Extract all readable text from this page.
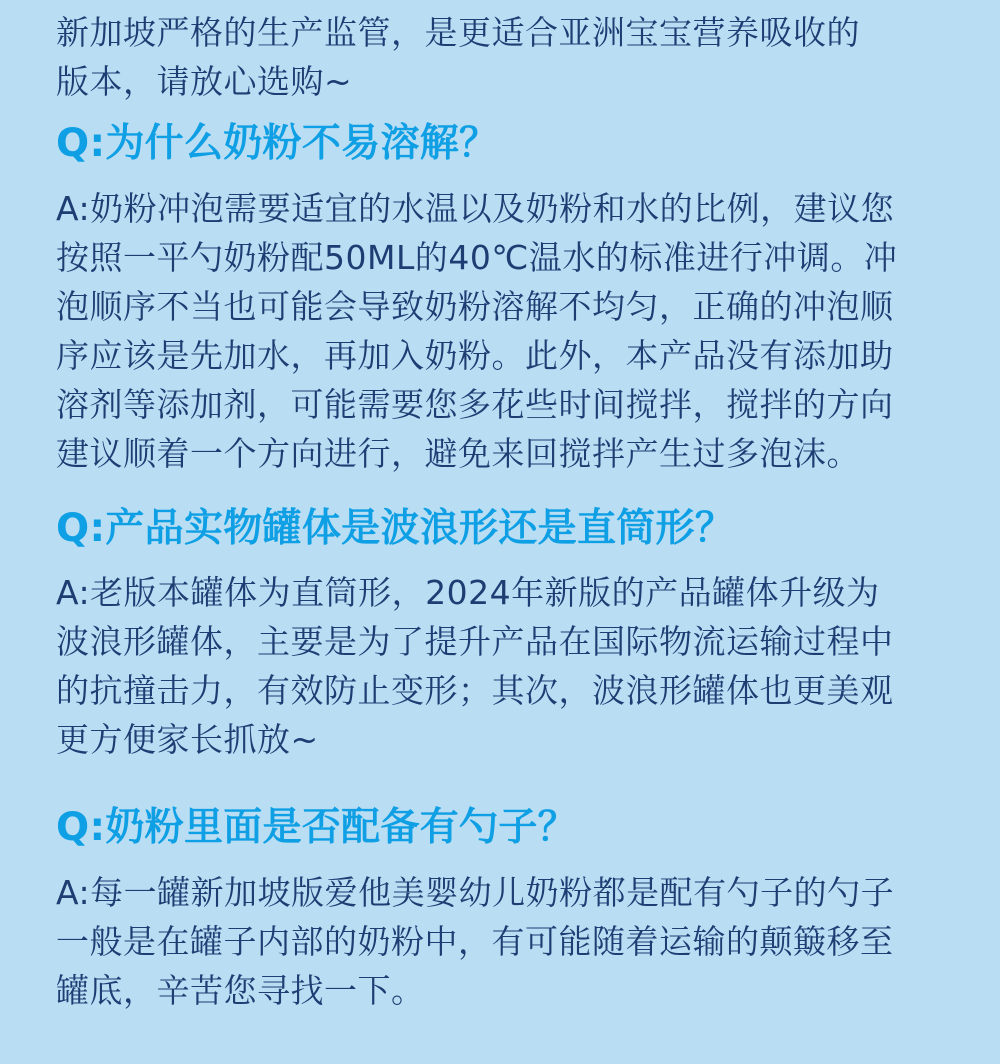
新加坡严格的生产监管，是更适合亚洲宝宝营养吸收的
版本，请放心选购~
Q:为什么奶粉不易溶解？
A:奶粉冲泡需要适宜的水温以及奶粉和水的比例，建议您
按照一平勺奶粉配50ML的40℃温水的标准进行冲调。冲
泡顺序不当也可能会导致奶粉溶解不均匀，正确的冲泡顺
序应该是先加水，再加入奶粉。此外，本产品没有添加助
溶剂等添加剂，可能需要您多花些时间搅拌，搅拌的方向
建议顺着一个方向进行，避免来回搅拌产生过多泡沫。
Q:产品实物罐体是波浪形还是直筒形？
A:老版本罐体为直筒形，2024年新版的产品罐体升级为
波浪形罐体，主要是为了提升产品在国际物流运输过程中
的抗撞击力，有效防止变形；其次，波浪形罐体也更美观
更方便家长抓放~
Q:奶粉里面是否配备有勺子？
A:每一罐新加坡版爱他美婴幼儿奶粉都是配有勺子的勺子
一般是在罐子内部的奶粉中，有可能随着运输的颠簸移至
罐底，辛苦您寻找一下。
